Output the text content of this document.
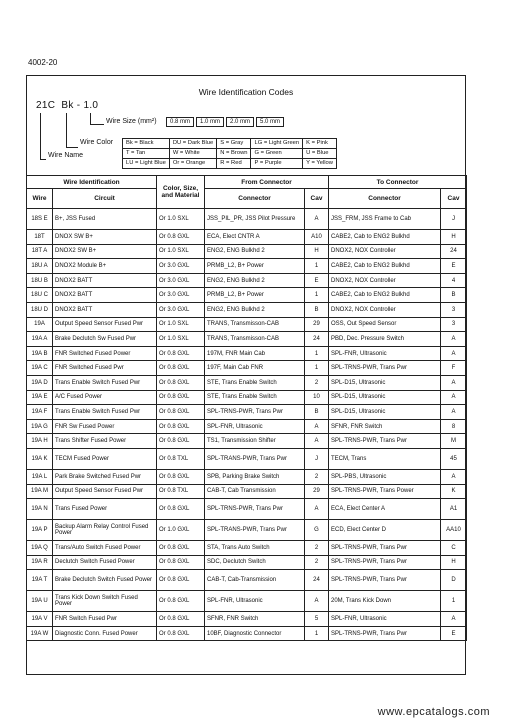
4002-20
Wire Identification Codes
21C  Bk - 1.0
Wire Size (mm²)	0.8 mm	1.0 mm	2.0 mm	5.0 mm
Wire Color
Wire Name
Bk = Black	DU = Dark Blue	S = Gray	LG = Light Green	K = Pink
T = Tan	W = White	N = Brown	G = Green	U = Blue
LU = Light Blue	Or = Orange	R = Red	P = Purple	Y = Yellow
Wire Identification		Color, Size, and Material	From Connector		To Connector	
Wire	Circuit		Connector	Cav	Connector	Cav
18S E	B+, JSS Fused	Or 1.0 SXL	JSS_PIL_PR, JSS Pilot Pressure	A	JSS_FRM, JSS Frame to Cab	J
18T	DNOX SW B+	Or 0.8 GXL	ECA, Elect CNTR A	A10	CABE2, Cab to ENG2 Bulkhd	H
18T A	DNOX2 SW B+	Or 1.0 SXL	ENG2, ENG Bulkhd 2	H	DNOX2, NOX Controller	24
18U A	DNOX2 Module B+	Or 3.0 GXL	PRMB_L2, B+ Power	1	CABE2, Cab to ENG2 Bulkhd	E
18U B	DNOX2 BATT	Or 3.0 GXL	ENG2, ENG Bulkhd 2	E	DNOX2, NOX Controller	4
18U C	DNOX2 BATT	Or 3.0 GXL	PRMB_L2, B+ Power	1	CABE2, Cab to ENG2 Bulkhd	B
18U D	DNOX2 BATT	Or 3.0 GXL	ENG2, ENG Bulkhd 2	B	DNOX2, NOX Controller	3
19A	Output Speed Sensor Fused Pwr	Or 1.0 SXL	TRANS, Transmisson-CAB	29	OSS, Out Speed Sensor	3
19A A	Brake Declutch Sw Fused Pwr	Or 1.0 SXL	TRANS, Transmisson-CAB	24	PBD, Dec. Pressure Switch	A
19A B	FNR Switched Fused Power	Or 0.8 GXL	197M, FNR Main Cab	1	SPL-FNR, Ultrasonic	A
19A C	FNR Switched Fused Pwr	Or 0.8 GXL	197F, Main Cab FNR	1	SPL-TRNS-PWR, Trans Pwr	F
19A D	Trans Enable Switch Fused Pwr	Or 0.8 GXL	STE, Trans Enable Switch	2	SPL-D15, Ultrasonic	A
19A E	A/C Fused Power	Or 0.8 GXL	STE, Trans Enable Switch	10	SPL-D15, Ultrasonic	A
19A F	Trans Enable Switch Fused Pwr	Or 0.8 GXL	SPL-TRNS-PWR, Trans Pwr	B	SPL-D15, Ultrasonic	A
19A G	FNR Sw Fused Power	Or 0.8 GXL	SPL-FNR, Ultrasonic	A	SFNR, FNR Switch	8
19A H	Trans Shifter Fused Power	Or 0.8 GXL	TS1, Transmission Shifter	A	SPL-TRNS-PWR, Trans Pwr	M
19A K	TECM Fused Power	Or 0.8 TXL	SPL-TRANS-PWR, Trans Pwr	J	TECM, Trans	45
19A L	Park Brake Switched Fused Pwr	Or 0.8 GXL	SPB, Parking Brake Switch	2	SPL-PBS, Ultrasonic	A
19A M	Output Speed Sensor Fused Pwr	Or 0.8 TXL	CAB-T, Cab Transmission	29	SPL-TRNS-PWR, Trans Power	K
19A N	Trans Fused Power	Or 0.8 GXL	SPL-TRNS-PWR, Trans Pwr	A	ECA, Elect Center A	A1
19A P	Backup Alarm Relay Control Fused Power	Or 1.0 GXL	SPL-TRANS-PWR, Trans Pwr	G	ECD, Elect Center D	AA10
19A Q	Trans/Auto Switch Fused Power	Or 0.8 GXL	STA, Trans Auto Switch	2	SPL-TRNS-PWR, Trans Pwr	C
19A R	Declutch Switch Fused Power	Or 0.8 GXL	SDC, Declutch Switch	2	SPL-TRNS-PWR, Trans Pwr	H
19A T	Brake Declutch Switch Fused Power	Or 0.8 GXL	CAB-T, Cab-Transmission	24	SPL-TRNS-PWR, Trans Pwr	D
19A U	Trans Kick Down Switch Fused Power	Or 0.8 GXL	SPL-FNR, Ultrasonic	A	20M, Trans Kick Down	1
19A V	FNR Switch Fused Pwr	Or 0.8 GXL	SFNR, FNR Switch	5	SPL-FNR, Ultrasonic	A
19A W	Diagnostic Conn. Fused Power	Or 0.8 GXL	10BF, Diagnostic Connector	1	SPL-TRNS-PWR, Trans Pwr	E
www.epcatalogs.com
